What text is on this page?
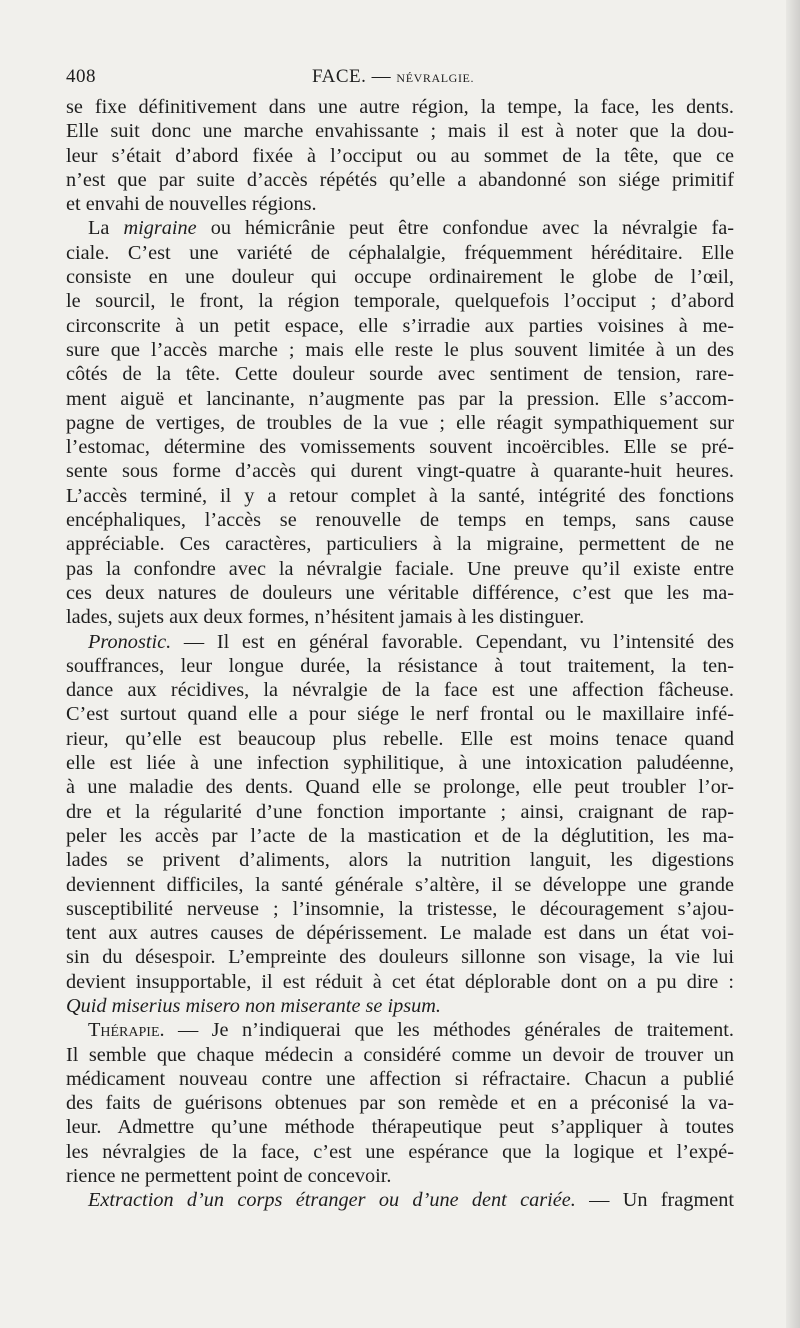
408	FACE. — NÉVRALGIE.
se fixe définitivement dans une autre région, la tempe, la face, les dents.
Elle suit donc une marche envahissante ; mais il est à noter que la dou-
leur s’était d’abord fixée à l’occiput ou au sommet de la tête, que ce
n’est que par suite d’accès répétés qu’elle a abandonné son siége primitif
et envahi de nouvelles régions.
La migraine ou hémicrânie peut être confondue avec la névralgie fa-
ciale. C’est une variété de céphalalgie, fréquemment héréditaire. Elle
consiste en une douleur qui occupe ordinairement le globe de l’œil,
le sourcil, le front, la région temporale, quelquefois l’occiput ; d’abord
circonscrite à un petit espace, elle s’irradie aux parties voisines à me-
sure que l’accès marche ; mais elle reste le plus souvent limitée à un des
côtés de la tête. Cette douleur sourde avec sentiment de tension, rare-
ment aiguë et lancinante, n’augmente pas par la pression. Elle s’accom-
pagne de vertiges, de troubles de la vue ; elle réagit sympathiquement sur
l’estomac, détermine des vomissements souvent incoërcibles. Elle se pré-
sente sous forme d’accès qui durent vingt-quatre à quarante-huit heures.
L’accès terminé, il y a retour complet à la santé, intégrité des fonctions
encéphaliques, l’accès se renouvelle de temps en temps, sans cause
appréciable. Ces caractères, particuliers à la migraine, permettent de ne
pas la confondre avec la névralgie faciale. Une preuve qu’il existe entre
ces deux natures de douleurs une véritable différence, c’est que les ma-
lades, sujets aux deux formes, n’hésitent jamais à les distinguer.
Pronostic. — Il est en général favorable. Cependant, vu l’intensité des
souffrances, leur longue durée, la résistance à tout traitement, la ten-
dance aux récidives, la névralgie de la face est une affection fâcheuse.
C’est surtout quand elle a pour siége le nerf frontal ou le maxillaire infé-
rieur, qu’elle est beaucoup plus rebelle. Elle est moins tenace quand
elle est liée à une infection syphilitique, à une intoxication paludéenne,
à une maladie des dents. Quand elle se prolonge, elle peut troubler l’or-
dre et la régularité d’une fonction importante ; ainsi, craignant de rap-
peler les accès par l’acte de la mastication et de la déglutition, les ma-
lades se privent d’aliments, alors la nutrition languit, les digestions
deviennent difficiles, la santé générale s’altère, il se développe une grande
susceptibilité nerveuse ; l’insomnie, la tristesse, le découragement s’ajou-
tent aux autres causes de dépérissement. Le malade est dans un état voi-
sin du désespoir. L’empreinte des douleurs sillonne son visage, la vie lui
devient insupportable, il est réduit à cet état déplorable dont on a pu dire :
Quid miserius misero non miserante se ipsum.
Thérapie. — Je n’indiquerai que les méthodes générales de traitement.
Il semble que chaque médecin a considéré comme un devoir de trouver un
médicament nouveau contre une affection si réfractaire. Chacun a publié
des faits de guérisons obtenues par son remède et en a préconisé la va-
leur. Admettre qu’une méthode thérapeutique peut s’appliquer à toutes
les névralgies de la face, c’est une espérance que la logique et l’expé-
rience ne permettent point de concevoir.
Extraction d’un corps étranger ou d’une dent cariée. — Un fragment
